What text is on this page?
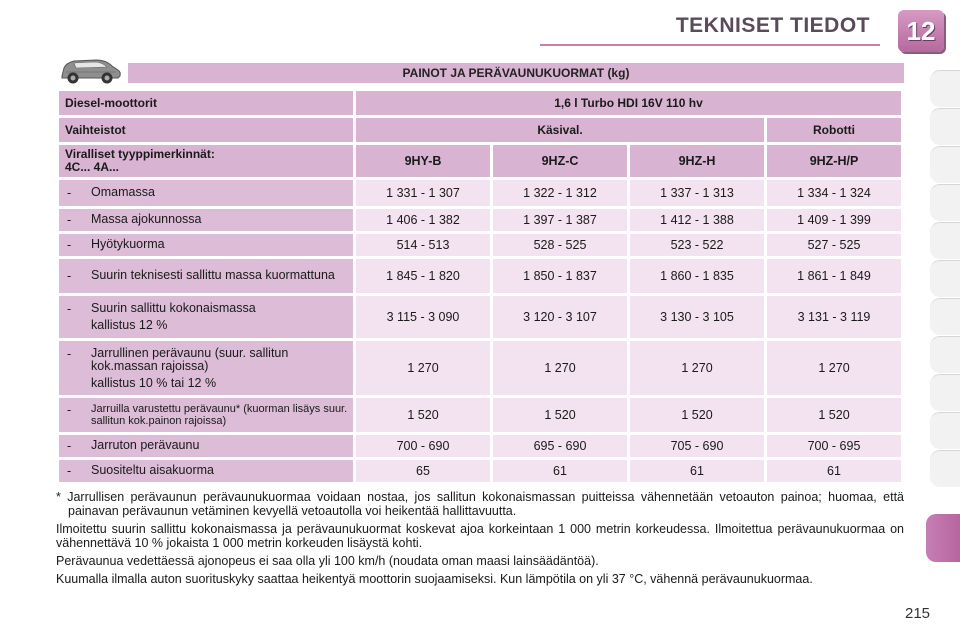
TEKNISET TIEDOT	12
PAINOT JA PERÄVAUNUKUORMAT (kg)
Diesel-moottorit	1,6 l Turbo HDI 16V 110 hv			
Vaihteistot	Käsival.			Robotti
Viralliset tyyppimerkinnät:
4C... 4A...	9HY-B	9HZ-C	9HZ-H	9HZ-H/P

- Omamassa	1 331 - 1 307	1 322 - 1 312	1 337 - 1 313	1 334 - 1 324

- Massa ajokunnossa	1 406 - 1 382	1 397 - 1 387	1 412 - 1 388	1 409 - 1 399

- Hyötykuorma	514 - 513	528 - 525	523 - 522	527 - 525

- Suurin teknisesti sallittu massa kuormattuna	1 845 - 1 820	1 850 - 1 837	1 860 - 1 835	1 861 - 1 849

- Suurin sallittu kokonaismassa
kallistus 12 %	3 115 - 3 090	3 120 - 3 107	3 130 - 3 105	3 131 - 3 119

- Jarrullinen perävaunu (suur. sallitun kok.massan rajoissa)
kallistus 10 % tai 12 %	1 270	1 270	1 270	1 270

- Jarruilla varustettu perävaunu* (kuorman lisäys suur. sallitun kok.painon rajoissa)	1 520	1 520	1 520	1 520

- Jarruton perävaunu	700 - 690	695 - 690	705 - 690	700 - 695

- Suositeltu aisakuorma	65	61	61	61

* Jarrullisen perävaunun perävaunukuormaa voidaan nostaa, jos sallitun kokonaismassan puitteissa vähennetään vetoauton painoa; huomaa, että painavan perävaunun vetäminen kevyellä vetoautolla voi heikentää hallittavuutta.

Ilmoitettu suurin sallittu kokonaismassa ja perävaunukuormat koskevat ajoa korkeintaan 1 000 metrin korkeudessa. Ilmoitettua perävaunukuormaa on vähennettävä 10 % jokaista 1 000 metrin korkeuden lisäystä kohti.

Perävaunua vedettäessä ajonopeus ei saa olla yli 100 km/h (noudata oman maasi lainsäädäntöä).

Kuumalla ilmalla auton suorituskyky saattaa heikentyä moottorin suojaamiseksi. Kun lämpötila on yli 37 °C, vähennä perävaunukuormaa.

215
